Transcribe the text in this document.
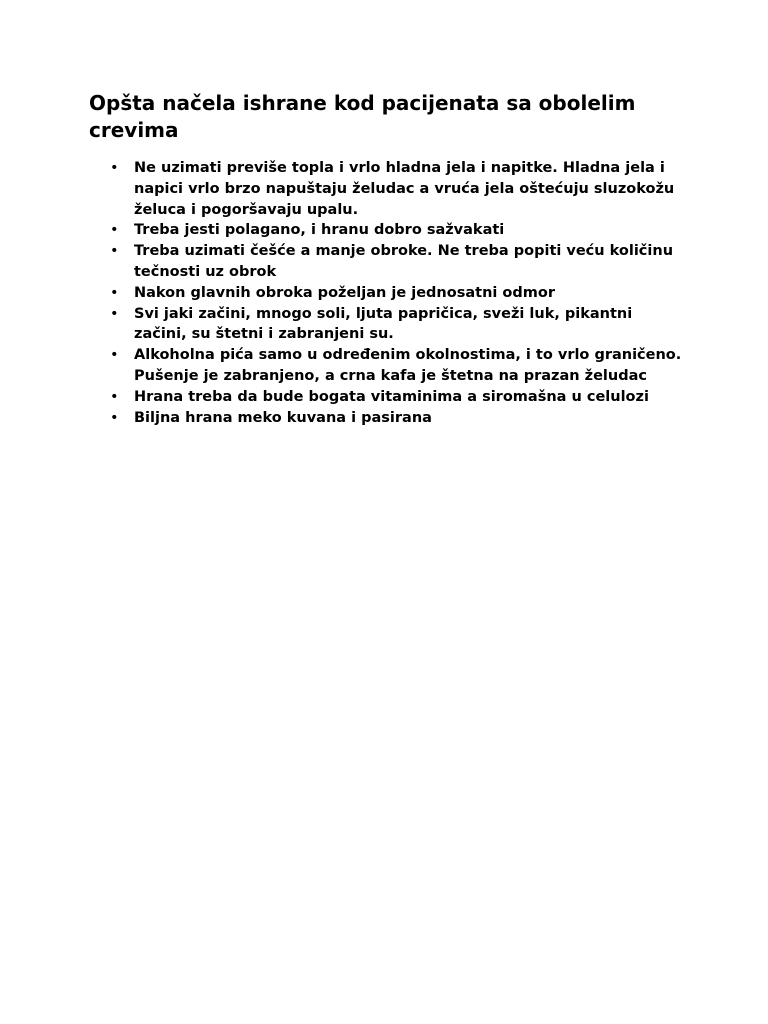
Opšta načela ishrane kod pacijenata sa obolelim crevima
• Ne uzimati previše topla i vrlo hladna jela i napitke. Hladna jela i napici vrlo brzo napuštaju želudac a vruća jela oštećuju sluzokožu želuca i pogoršavaju upalu.
• Treba jesti polagano, i hranu dobro sažvakati
• Treba uzimati češće a manje obroke. Ne treba popiti veću količinu tečnosti uz obrok
• Nakon glavnih obroka poželjan je jednosatni odmor
• Svi jaki začini, mnogo soli, ljuta papričica, sveži luk, pikantni začini, su štetni i zabranjeni su.
• Alkoholna pića samo u određenim okolnostima, i to vrlo graničeno. Pušenje je zabranjeno, a crna kafa je štetna na prazan želudac
• Hrana treba da bude bogata vitaminima a siromašna u celulozi
• Biljna hrana meko kuvana i pasirana
